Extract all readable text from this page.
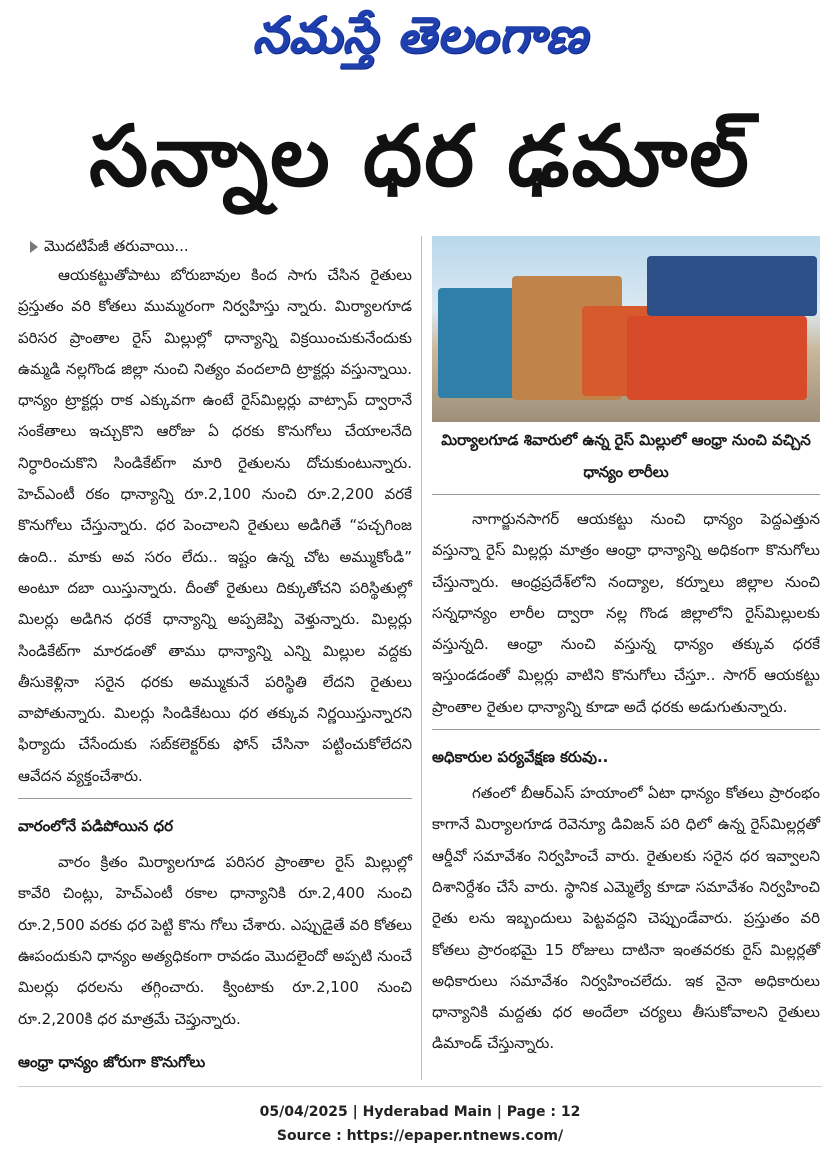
నమస్తే తెలంగాణ
సన్నాల ధర ఢమాల్‌

మొదటిపేజీ తరువాయి...

ఆయకట్టుతోపాటు బోరుబావుల కింద సాగు చేసిన రైతులు ప్రస్తుతం వరి కోతలు ముమ్మరంగా నిర్వహిస్తు న్నారు. మిర్యాలగూడ పరిసర ప్రాంతాల రైస్‌ మిల్లుల్లో ధాన్యాన్ని విక్రయించుకునేందుకు ఉమ్మడి నల్లగొండ జిల్లా నుంచి నిత్యం వందలాది ట్రాక్టర్లు వస్తున్నాయి. ధాన్యం ట్రాక్టర్లు రాక ఎక్కువగా ఉంటే రైస్‌మిల్లర్లు వాట్సాప్‌ ద్వారానే సంకేతాలు ఇచ్చుకొని ఆరోజు ఏ ధరకు కొనుగోలు చేయాలనేది నిర్ధారించుకొని సిండికేట్‌గా మారి రైతులను దోచుకుంటున్నారు. హెచ్‌ఎంటీ రకం ధాన్యాన్ని రూ.2,100 నుంచి రూ.2,200 వరకే కొనుగోలు చేస్తున్నారు. ధర పెంచాలని రైతులు అడిగితే “పచ్చగింజ ఉంది.. మాకు అవ సరం లేదు.. ఇష్టం ఉన్న చోట అమ్ముకోండి” అంటూ దబా యిస్తున్నారు. దీంతో రైతులు దిక్కుతోచని పరిస్థితుల్లో మిలర్లు అడిగిన ధరకే ధాన్యాన్ని అప్పజెప్పి వెళ్తున్నారు. మిల్లర్లు సిండికేట్‌గా మారడంతో తాము ధాన్యాన్ని ఎన్ని మిల్లుల వద్దకు తీసుకెళ్లినా సరైన ధరకు అమ్ముకునే పరిస్థితి లేదని రైతులు వాపోతున్నారు. మిలర్లు సిండికేటయి ధర తక్కువ నిర్ణయిస్తున్నారని ఫిర్యాదు చేసేందుకు సబ్‌కలెక్టర్‌కు ఫోన్‌ చేసినా పట్టించుకోలేదని ఆవేదన వ్యక్తంచేశారు.

వారంలోనే పడిపోయిన ధర

వారం క్రితం మిర్యాలగూడ పరిసర ప్రాంతాల రైస్‌ మిల్లుల్లో కావేరి చింట్లు, హెచ్‌ఎంటీ రకాల ధాన్యానికి రూ.2,400 నుంచి రూ.2,500 వరకు ధర పెట్టి కొను గోలు చేశారు. ఎప్పుడైతే వరి కోతలు ఊపందుకుని ధాన్యం అత్యధికంగా రావడం మొదలైందో అప్పటి నుంచే మిలర్లు ధరలను తగ్గించారు. క్వింటాకు రూ.2,100 నుంచి రూ.2,200కి ధర మాత్రమే చెప్తున్నారు.

ఆంధ్రా ధాన్యం జోరుగా కొనుగోలు

మిర్యాలగూడ శివారులో ఉన్న రైస్‌ మిల్లులో ఆంధ్రా నుంచి వచ్చిన ధాన్యం లారీలు

నాగార్జునసాగర్‌ ఆయకట్టు నుంచి ధాన్యం పెద్దఎత్తున వస్తున్నా రైస్‌ మిల్లర్లు మాత్రం ఆంధ్రా ధాన్యాన్ని అధికంగా కొనుగోలు చేస్తున్నారు. ఆంధ్రప్రదేశ్‌లోని నంద్యాల, కర్నూలు జిల్లాల నుంచి సన్నధాన్యం లారీల ద్వారా నల్ల గొండ జిల్లాలోని రైస్‌మిల్లులకు వస్తున్నది. ఆంధ్రా నుంచి వస్తున్న ధాన్యం తక్కువ ధరకే ఇస్తుండడంతో మిల్లర్లు వాటిని కొనుగోలు చేస్తూ.. సాగర్‌ ఆయకట్టు ప్రాంతాల రైతుల ధాన్యాన్ని కూడా అదే ధరకు అడుగుతున్నారు.

అధికారుల పర్యవేక్షణ కరువు..

గతంలో బీఆర్‌ఎస్‌ హయాంలో ఏటా ధాన్యం కోతలు ప్రారంభం కాగానే మిర్యాలగూడ రెవెన్యూ డివిజన్‌ పరి ధిలో ఉన్న రైస్‌మిల్లర్లతో ఆర్డీవో సమావేశం నిర్వహించే వారు. రైతులకు సరైన ధర ఇవ్వాలని దిశానిర్దేశం చేసే వారు. స్థానిక ఎమ్మెల్యే కూడా సమావేశం నిర్వహించి రైతు లను ఇబ్బందులు పెట్టవద్దని చెప్పుండేవారు. ప్రస్తుతం వరి కోతలు ప్రారంభమై 15 రోజులు దాటినా ఇంతవరకు రైస్‌ మిల్లర్లతో అధికారులు సమావేశం నిర్వహించలేదు. ఇక నైనా అధికారులు ధాన్యానికి మద్దతు ధర అందేలా చర్యలు తీసుకోవాలని రైతులు డిమాండ్‌ చేస్తున్నారు.

05/04/2025 | Hyderabad Main | Page : 12
Source : https://epaper.ntnews.com/
